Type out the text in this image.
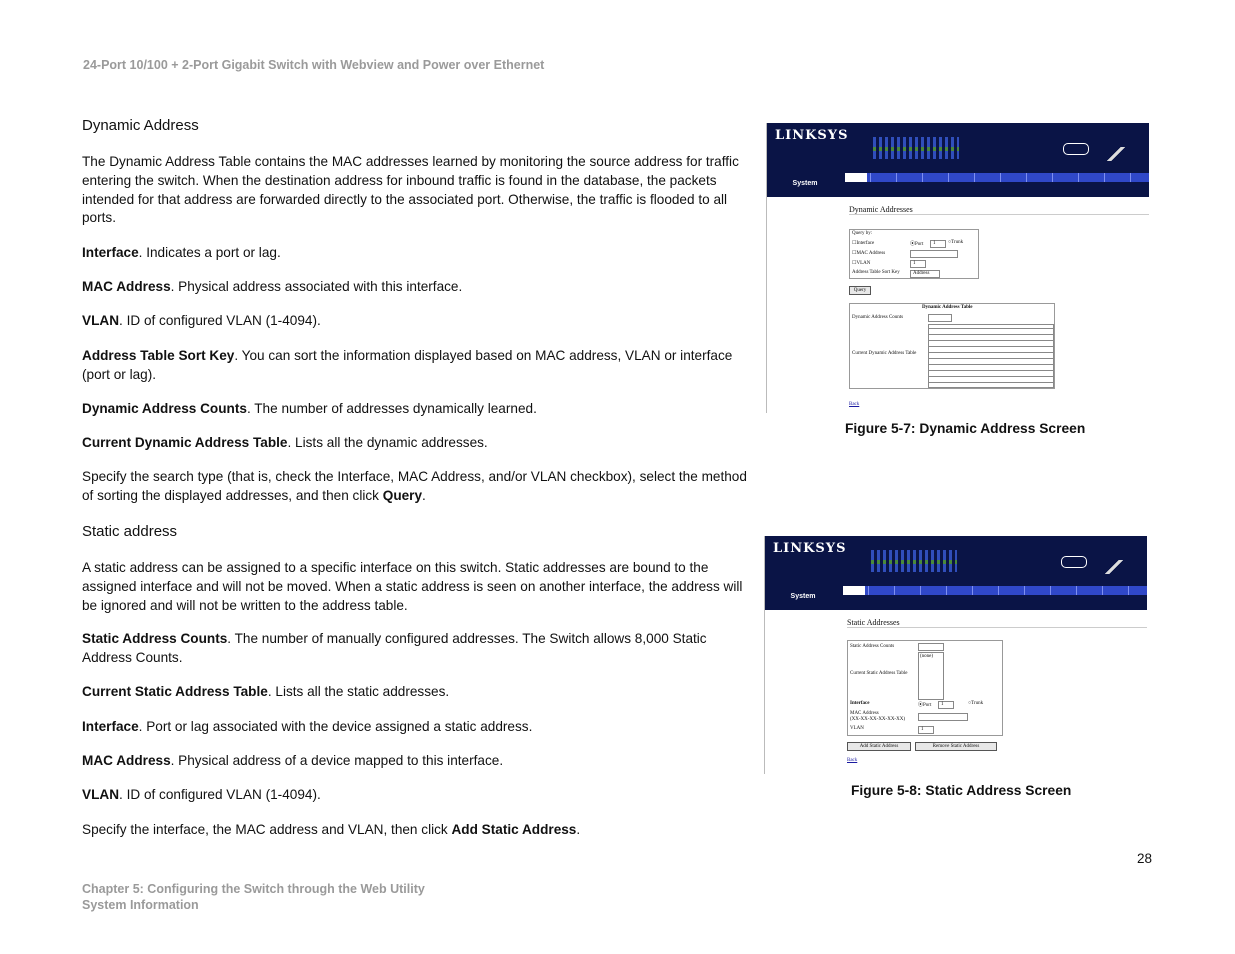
24-Port 10/100 + 2-Port Gigabit Switch with Webview and Power over Ethernet
Dynamic Address

The Dynamic Address Table contains the MAC addresses learned by monitoring the source address for traffic entering the switch. When the destination address for inbound traffic is found in the database, the packets intended for that address are forwarded directly to the associated port. Otherwise, the traffic is flooded to all ports.

Interface. Indicates a port or lag.
MAC Address. Physical address associated with this interface.
VLAN. ID of configured VLAN (1-4094).
Address Table Sort Key. You can sort the information displayed based on MAC address, VLAN or interface (port or lag).
Dynamic Address Counts. The number of addresses dynamically learned.
Current Dynamic Address Table. Lists all the dynamic addresses.
Specify the search type (that is, check the Interface, MAC Address, and/or VLAN checkbox), select the method of sorting the displayed addresses, and then click Query.
Static address

A static address can be assigned to a specific interface on this switch. Static addresses are bound to the assigned interface and will not be moved. When a static address is seen on another interface, the address will be ignored and will not be written to the address table.

Static Address Counts. The number of manually configured addresses. The Switch allows 8,000 Static Address Counts.
Current Static Address Table. Lists all the static addresses.
Interface. Port or lag associated with the device assigned a static address.
MAC Address. Physical address of a device mapped to this interface.
VLAN. ID of configured VLAN (1-4094).
Specify the interface, the MAC address and VLAN, then click Add Static Address.
LINKSYS
System
Dynamic Addresses
Query by:
☐Interface	⦿Port 1	○Trunk
☐MAC Address
☐VLAN	1
Address Table Sort Key	Address
Query
Dynamic Address Table
Dynamic Address Counts
Current Dynamic Address Table
Back
Figure 5-7: Dynamic Address Screen
LINKSYS
System
Static Addresses
Static Address Counts
Current Static Address Table
(none)
Interface	⦿Port 1	○Trunk
MAC Address
(XX-XX-XX-XX-XX-XX)
VLAN	1
Add Static Address	Remove Static Address
Back
Figure 5-8: Static Address Screen
28
Chapter 5: Configuring the Switch through the Web Utility
System Information
